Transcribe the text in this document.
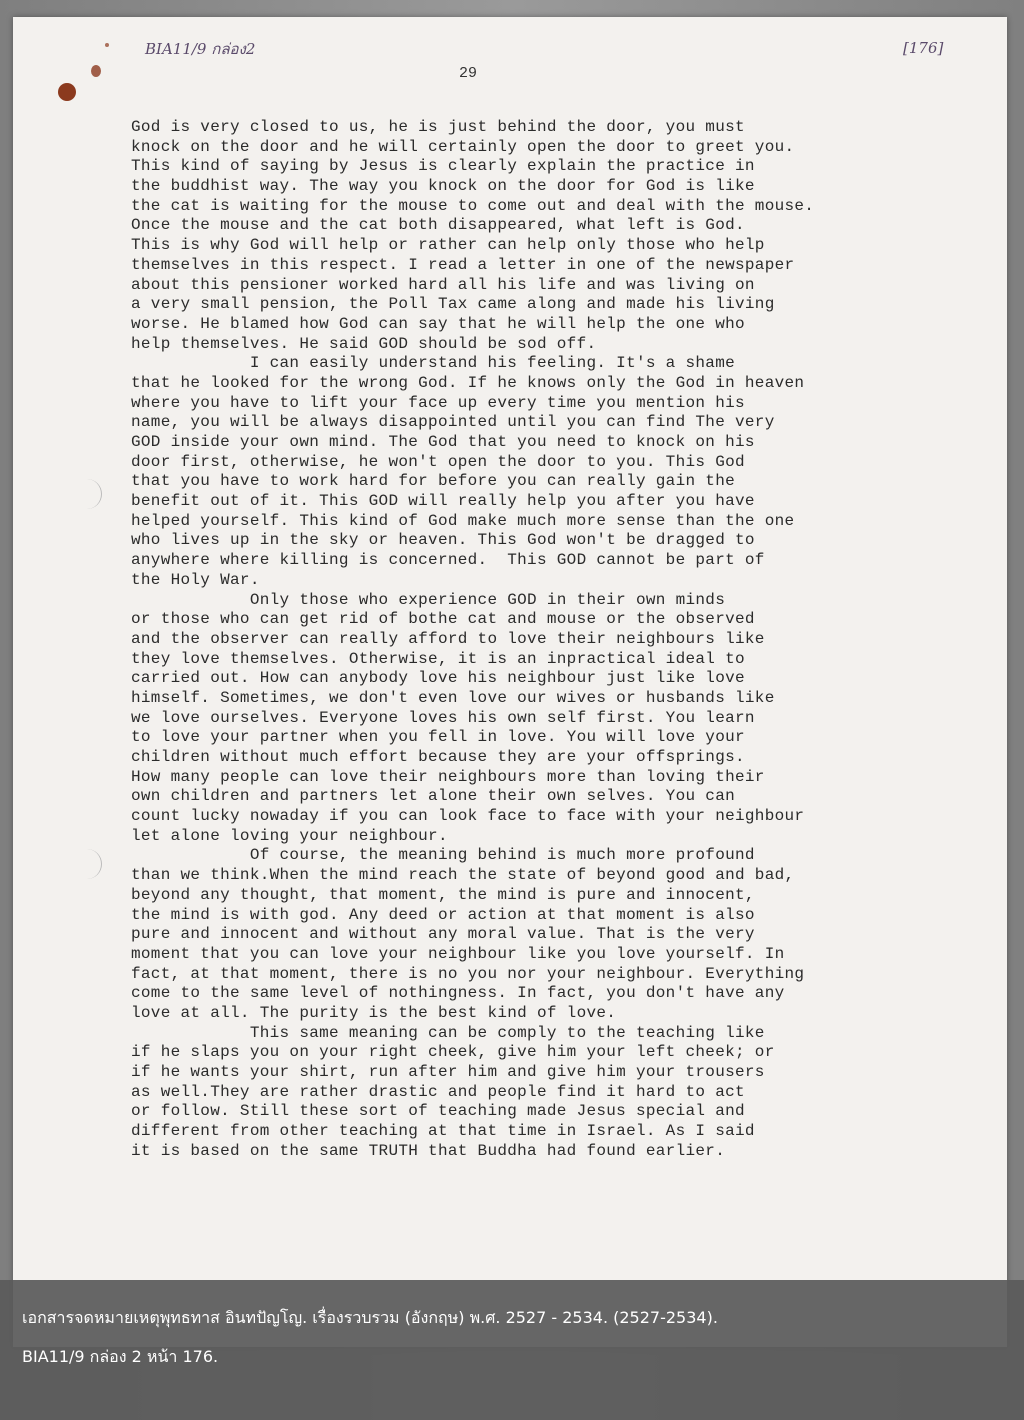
BIA11/9 กล่อง2	[176]
29
God is very closed to us, he is just behind the door, you must
knock on the door and he will certainly open the door to greet you.
This kind of saying by Jesus is clearly explain the practice in
the buddhist way. The way you knock on the door for God is like
the cat is waiting for the mouse to come out and deal with the mouse.
Once the mouse and the cat both disappeared, what left is God.
This is why God will help or rather can help only those who help
themselves in this respect. I read a letter in one of the newspaper
about this pensioner worked hard all his life and was living on
a very small pension, the Poll Tax came along and made his living
worse. He blamed how God can say that he will help the one who
help themselves. He said GOD should be sod off.
I can easily understand his feeling. It's a shame
that he looked for the wrong God. If he knows only the God in heaven
where you have to lift your face up every time you mention his
name, you will be always disappointed until you can find The very
GOD inside your own mind. The God that you need to knock on his
door first, otherwise, he won't open the door to you. This God
that you have to work hard for before you can really gain the
benefit out of it. This GOD will really help you after you have
helped yourself. This kind of God make much more sense than the one
who lives up in the sky or heaven. This God won't be dragged to
anywhere where killing is concerned.  This GOD cannot be part of
the Holy War.
Only those who experience GOD in their own minds
or those who can get rid of bothe cat and mouse or the observed
and the observer can really afford to love their neighbours like
they love themselves. Otherwise, it is an inpractical ideal to
carried out. How can anybody love his neighbour just like love
himself. Sometimes, we don't even love our wives or husbands like
we love ourselves. Everyone loves his own self first. You learn
to love your partner when you fell in love. You will love your
children without much effort because they are your offsprings.
How many people can love their neighbours more than loving their
own children and partners let alone their own selves. You can
count lucky nowaday if you can look face to face with your neighbour
let alone loving your neighbour.
Of course, the meaning behind is much more profound
than we think.When the mind reach the state of beyond good and bad,
beyond any thought, that moment, the mind is pure and innocent,
the mind is with god. Any deed or action at that moment is also
pure and innocent and without any moral value. That is the very
moment that you can love your neighbour like you love yourself. In
fact, at that moment, there is no you nor your neighbour. Everything
come to the same level of nothingness. In fact, you don't have any
love at all. The purity is the best kind of love.
This same meaning can be comply to the teaching like
if he slaps you on your right cheek, give him your left cheek; or
if he wants your shirt, run after him and give him your trousers
as well.They are rather drastic and people find it hard to act
or follow. Still these sort of teaching made Jesus special and
different from other teaching at that time in Israel. As I said
it is based on the same TRUTH that Buddha had found earlier.
เอกสารจดหมายเหตุพุทธทาส อินทปัญโญ. เรื่องรวบรวม (อังกฤษ) พ.ศ. 2527 - 2534. (2527-2534).
BIA11/9 กล่อง 2 หน้า 176.
